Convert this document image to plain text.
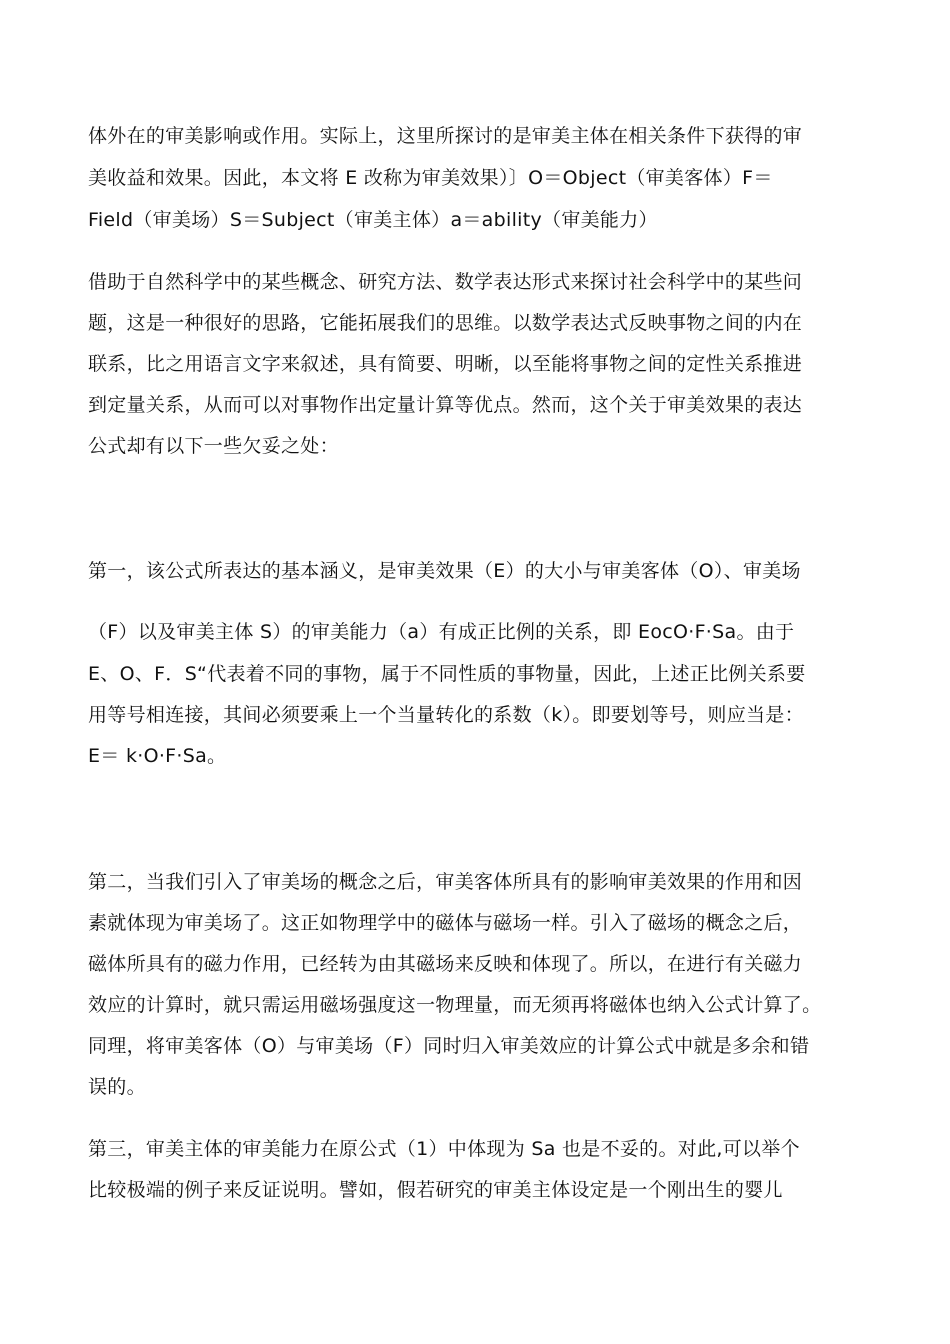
体外在的审美影响或作用。实际上，这里所探讨的是审美主体在相关条件下获得的审
美收益和效果。因此，本文将 E 改称为审美效果）〕O＝Object（审美客体）F＝
Field（审美场）S＝Subject（审美主体）a＝ability（审美能力）
借助于自然科学中的某些概念、研究方法、数学表达形式来探讨社会科学中的某些问
题，这是一种很好的思路，它能拓展我们的思维。以数学表达式反映事物之间的内在
联系，比之用语言文字来叙述，具有简要、明晰，以至能将事物之间的定性关系推进
到定量关系，从而可以对事物作出定量计算等优点。然而，这个关于审美效果的表达
公式却有以下一些欠妥之处：
第一，该公式所表达的基本涵义，是审美效果（E）的大小与审美客体（O）、审美场
（F）以及审美主体 S）的审美能力（a）有成正比例的关系，即 EocO·F·Sa。由于
E、O、F．S“代表着不同的事物，属于不同性质的事物量，因此，上述正比例关系要
用等号相连接，其间必须要乘上一个当量转化的系数（k）。即要划等号，则应当是：
E＝ k·O·F·Sa。
第二，当我们引入了审美场的概念之后，审美客体所具有的影响审美效果的作用和因
素就体现为审美场了。这正如物理学中的磁体与磁场一样。引入了磁场的概念之后，
磁体所具有的磁力作用，已经转为由其磁场来反映和体现了。所以，在进行有关磁力
效应的计算时，就只需运用磁场强度这一物理量，而无须再将磁体也纳入公式计算了。
同理，将审美客体（O）与审美场（F）同时归入审美效应的计算公式中就是多余和错
误的。
第三，审美主体的审美能力在原公式（1）中体现为 Sa 也是不妥的。对此,可以举个
比较极端的例子来反证说明。譬如，假若研究的审美主体设定是一个刚出生的婴儿
